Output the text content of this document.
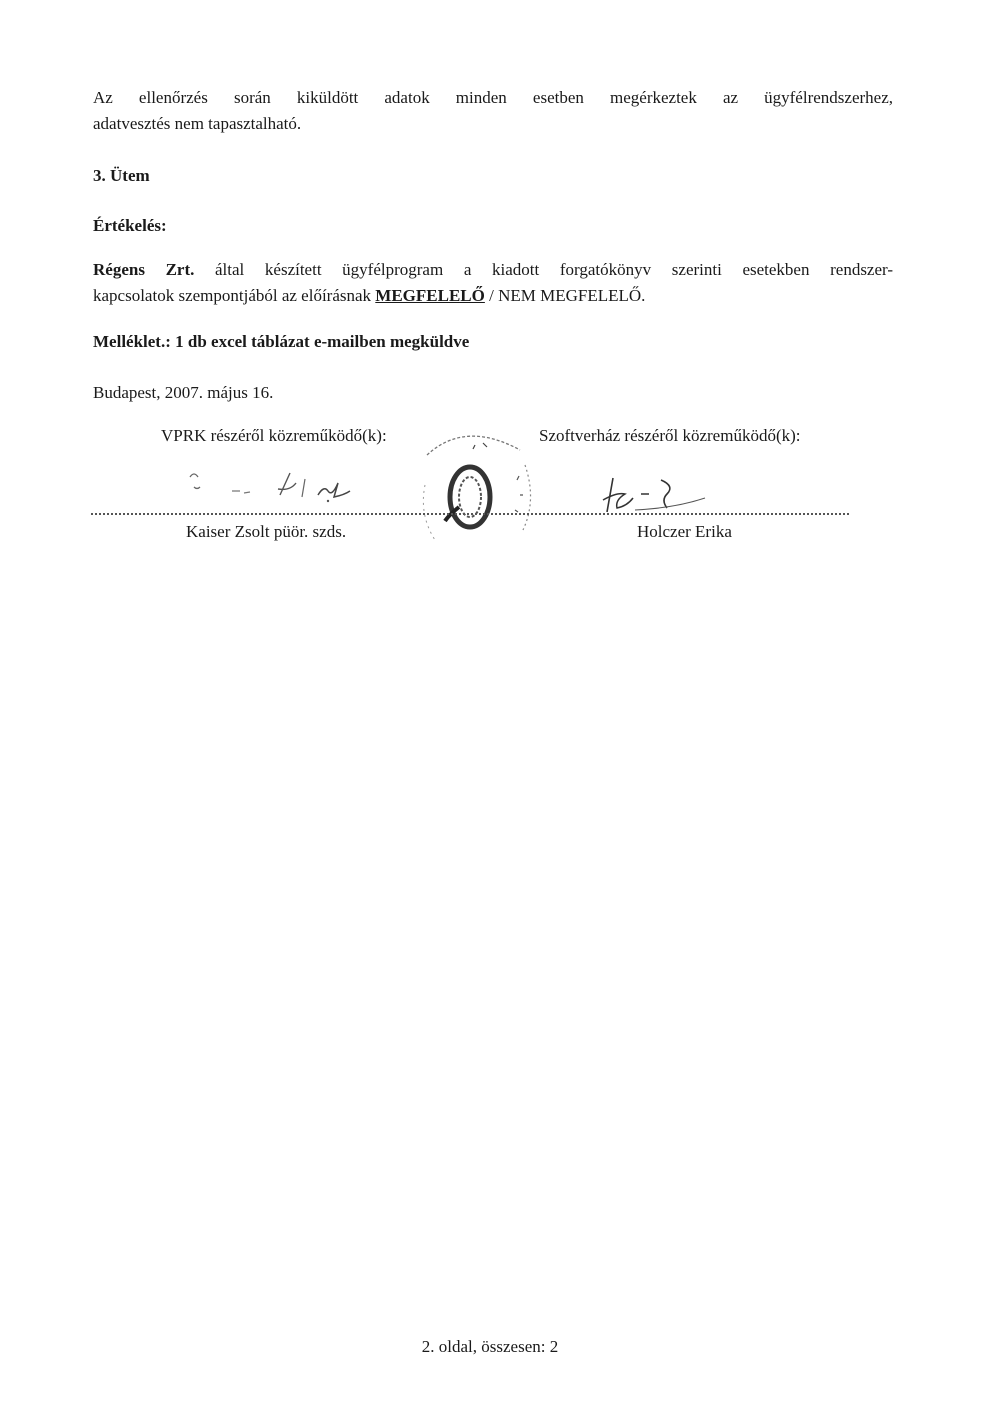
Az ellenőrzés során kiküldött adatok minden esetben megérkeztek az ügyfélrendszerhez,
adatvesztés nem tapasztalható.
3. Ütem
Értékelés:
Régens Zrt. által készített ügyfélprogram a kiadott forgatókönyv szerinti esetekben rendszer-
kapcsolatok szempontjából az előírásnak MEGFELELŐ / NEM MEGFELELŐ.
Melléklet.: 1 db excel táblázat e-mailben megküldve
Budapest, 2007. május 16.
VPRK részéről közreműködő(k):	Szoftverház részéről közreműködő(k):
Kaiser Zsolt püör. szds.	Holczer Erika
2. oldal, összesen: 2
